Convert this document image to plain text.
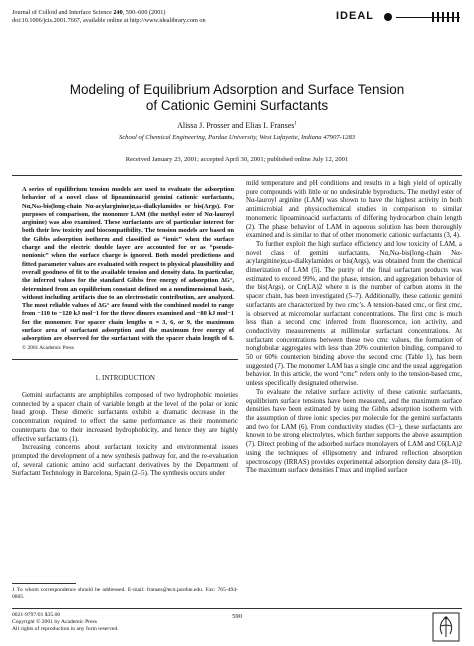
Journal of Colloid and Interface Science 240, 590–600 (2001)
doi:10.1006/jcis.2001.7667, available online at http://www.idealibrary.com on	IDEAL
Modeling of Equilibrium Adsorption and Surface Tension
of Cationic Gemini Surfactants
Alissa J. Prosser and Elias I. Franses$^1$
School of Chemical Engineering, Purdue University, West Lafayette, Indiana 47907-1283
Received January 23, 2001; accepted April 30, 2001; published online July 12, 2001
A series of equilibrium tension models are used to evaluate the adsorption behavior of a novel class of lipoaminoacid gemini cationic surfactants, Nα,Nω-bis(long-chain Nα-acylarginine)α,ω-dialkylamides or bis(Args). For purposes of comparison, the monomer LAM (the methyl ester of Nα-lauroyl arginine) was also examined. These surfactants are of particular interest for both their low toxicity and biocompatibility. The tension models are based on the Gibbs adsorption isotherm and classified as “ionic” when the surface charge and the electric double layer are accounted for or as “pseudo-nonionic” when the surface charge is ignored. Both model predictions and fitted parameter values are evaluated with respect to physical plausibility and overall goodness of fit to the available tension and density data. In particular, the inferred values for the standard Gibbs free energy of adsorption ΔG°, determined from an equilibrium constant defined on a nondimensional basis, without including artifacts due to an electrostatic contribution, are analyzed. The most reliable values of ΔG° are found with the combined model to range from −110 to −120 kJ mol−1 for the three dimers examined and −80 kJ mol−1 for the monomer. For spacer chain lengths n = 3, 6, or 9, the maximum surface area of surfactant adsorption and the maximum free energy of adsorption are observed for the surfactant with the spacer chain length of 6. © 2001 Academic Press
1. INTRODUCTION

Gemini surfactants are amphiphiles composed of two hydrophobic moieties connected by a spacer chain of variable length at the level of the polar or ionic head group. These dimeric surfactants exhibit a dramatic decrease in the concentration required to effect the same performance as their monomeric counterparts due to their increased hydrophobicity, and hence they are highly effective surfactants (1).

Increasing concerns about surfactant toxicity and environmental issues prompted the development of a new synthesis pathway for, and the re-evaluation of, several cationic amino acid surfactant derivatives by the Department of Surfactant Technology in Barcelona, Spain (2–5). The synthesis occurs under

1 To whom correspondence should be addressed. E-mail: franses@ecn.purdue.edu. Fax: 765-494-0805.

mild temperature and pH conditions and results in a high yield of optically pure compounds with little or no undesirable byproducts. The methyl ester of Nα-lauroyl arginine (LAM) was shown to have the highest activity in both antimicrobial and physicochemical studies in comparison to similar monomeric lipoaminoacid surfactants of differing hydrocarbon chain length (2). The phase behavior of LAM in aqueous solution has been thoroughly examined and is similar to that of other monomeric cationic surfactants (3, 4).

To further exploit the high surface efficiency and low toxicity of LAM, a novel class of gemini surfactants, Nα,Nω-bis(long-chain Nα-acylarginine)α,ω-dialkylamides or bis(Args), was obtained from the chemical dimerization of LAM (5). The purity of the final surfactant products was estimated to exceed 99%, and the phase, tension, and aggregation behavior of the bis(Args), or Cn(LA)2 where n is the number of carbon atoms in the spacer chain, has been investigated (5–7). Additionally, these cationic gemini surfactants are characterized by two cmc’s. A tension-based cmc, or first cmc, is observed at micromolar surfactant concentrations. The first cmc is much less than a second cmc inferred from fluorescence, ion activity, and conductivity measurements at millimolar surfactant concentrations. At surfactant concentrations between these two cmc values, the formation of nonglobular aggregates with less than 20% counterion binding, compared to 50 or 60% counterion binding above the second cmc (Table 1), has been suggested (7). The monomer LAM has a single cmc and the usual aggregation behavior. In this article, the word “cmc” refers only to the tension-based cmc, unless specifically designated otherwise.

To evaluate the relative surface activity of these cationic surfactants, equilibrium surface tensions have been measured, and the maximum surface densities have been estimated by using the Gibbs adsorption isotherm with the assumption of three ionic species per molecule for the gemini surfactants and two for LAM (6). From conductivity studies (Cl−), these surfactants are known to be strong electrolytes, which further supports the above assumption (7). Direct probing of the adsorbed surface monolayers of LAM and C6(LA)2 using the techniques of ellipsometry and infrared reflection absorption spectroscopy (IRRAS) provides experimental adsorption density data (8–10). The maximum surface densities Γmax and implied surface

0021-9797/01 $35.00
Copyright © 2001 by Academic Press
All rights of reproduction in any form reserved.
590
